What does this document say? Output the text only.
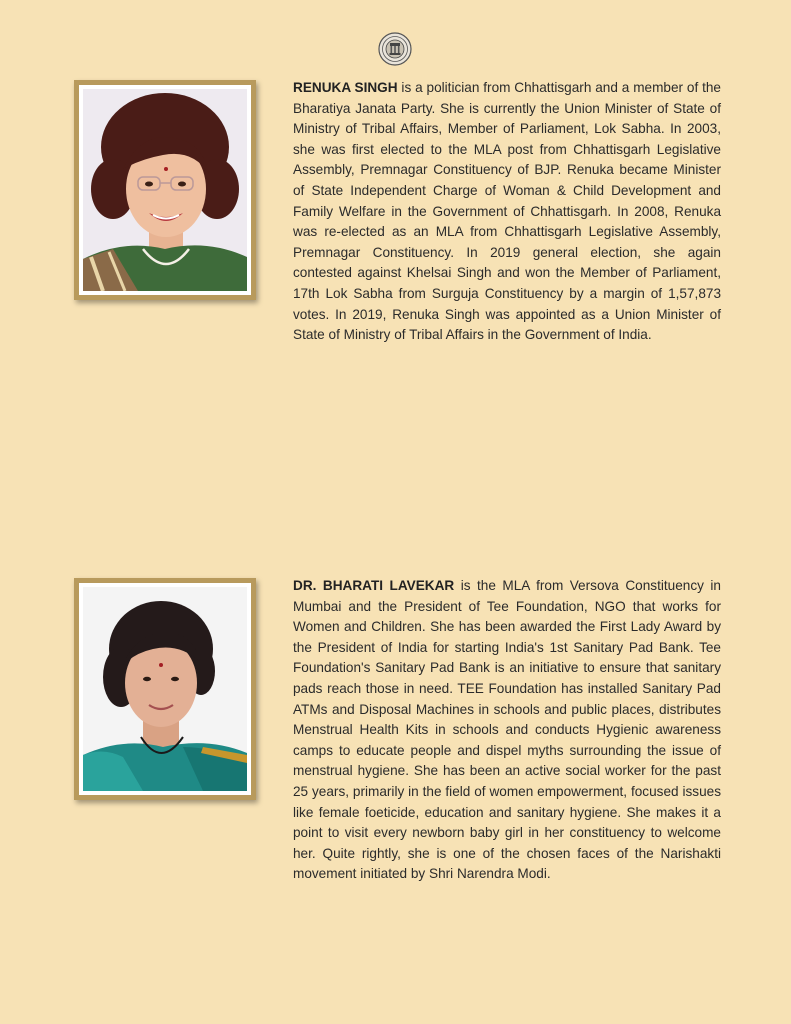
RENUKA SINGH is a politician from Chhattisgarh and a member of the Bharatiya Janata Party. She is currently the Union Minister of State of Ministry of Tribal Affairs, Member of Parliament, Lok Sabha. In 2003, she was first elected to the MLA post from Chhattisgarh Legislative Assembly, Premnagar Constituency of BJP. Renuka became Minister of State Independent Charge of Woman & Child Development and Family Welfare in the Government of Chhattisgarh. In 2008, Renuka was re-elected as an MLA from Chhattisgarh Legislative Assembly, Premnagar Constituency. In 2019 general election, she again contested against Khelsai Singh and won the Member of Parliament, 17th Lok Sabha from Surguja Constituency by a margin of 1,57,873 votes. In 2019, Renuka Singh was appointed as a Union Minister of State of Ministry of Tribal Affairs in the Government of India.

DR. BHARATI LAVEKAR is the MLA from Versova Constituency in Mumbai and the President of Tee Foundation, NGO that works for Women and Children. She has been awarded the First Lady Award by the President of India for starting India's 1st Sanitary Pad Bank. Tee Foundation's Sanitary Pad Bank is an initiative to ensure that sanitary pads reach those in need. TEE Foundation has installed Sanitary Pad ATMs and Disposal Machines in schools and public places, distributes Menstrual Health Kits in schools and conducts Hygienic awareness camps to educate people and dispel myths surrounding the issue of menstrual hygiene. She has been an active social worker for the past 25 years, primarily in the field of women empowerment, focused issues like female foeticide, education and sanitary hygiene. She makes it a point to visit every newborn baby girl in her constituency to welcome her. Quite rightly, she is one of the chosen faces of the Narishakti movement initiated by Shri Narendra Modi.
